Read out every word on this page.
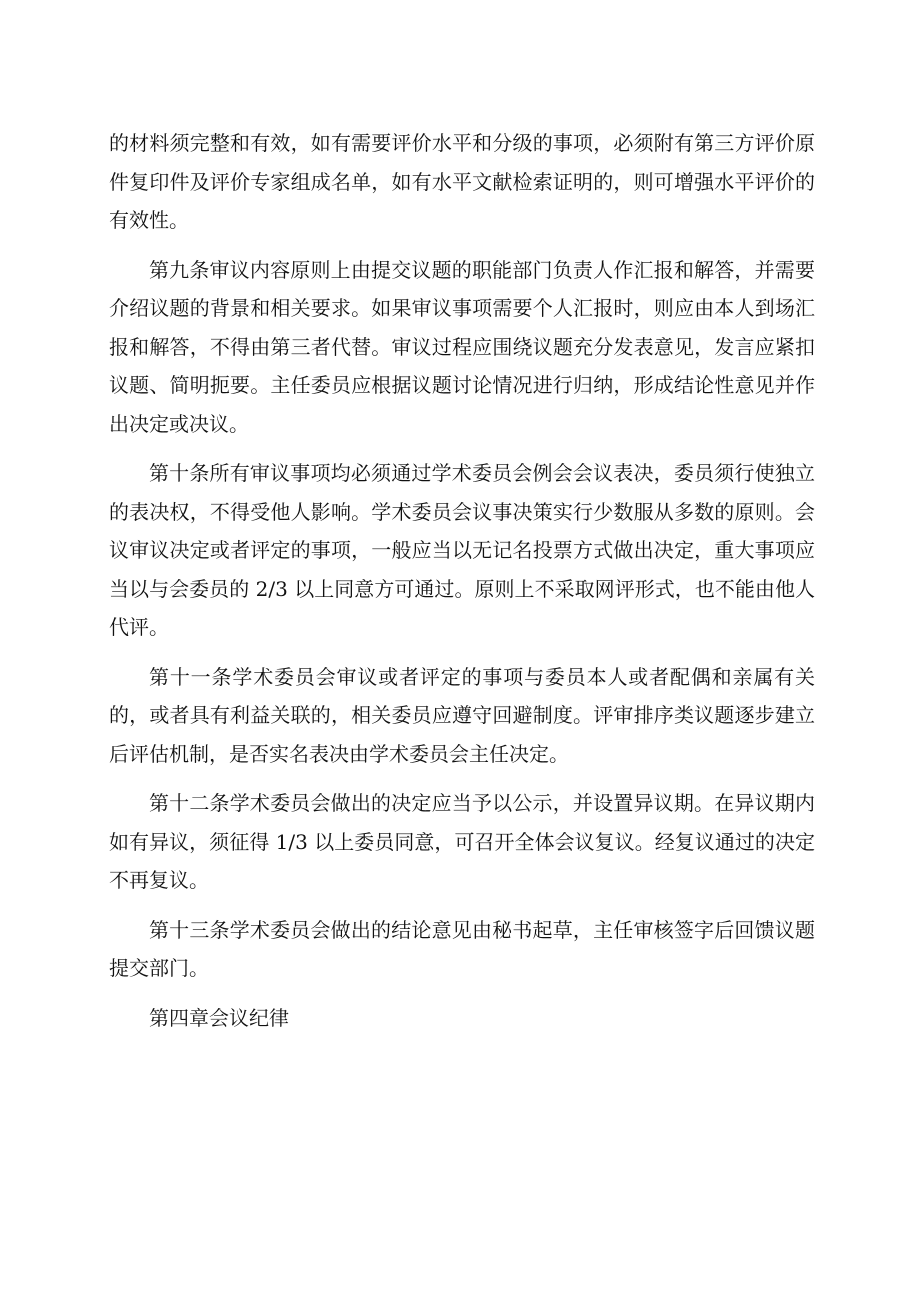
的材料须完整和有效，如有需要评价水平和分级的事项，必须附有第三方评价原件复印件及评价专家组成名单，如有水平文献检索证明的，则可增强水平评价的有效性。

第九条审议内容原则上由提交议题的职能部门负责人作汇报和解答，并需要介绍议题的背景和相关要求。如果审议事项需要个人汇报时，则应由本人到场汇报和解答，不得由第三者代替。审议过程应围绕议题充分发表意见，发言应紧扣议题、简明扼要。主任委员应根据议题讨论情况进行归纳，形成结论性意见并作出决定或决议。

第十条所有审议事项均必须通过学术委员会例会会议表决，委员须行使独立的表决权，不得受他人影响。学术委员会议事决策实行少数服从多数的原则。会议审议决定或者评定的事项，一般应当以无记名投票方式做出决定，重大事项应当以与会委员的 2/3 以上同意方可通过。原则上不采取网评形式，也不能由他人代评。

第十一条学术委员会审议或者评定的事项与委员本人或者配偶和亲属有关的，或者具有利益关联的，相关委员应遵守回避制度。评审排序类议题逐步建立后评估机制，是否实名表决由学术委员会主任决定。

第十二条学术委员会做出的决定应当予以公示，并设置异议期。在异议期内如有异议，须征得 1/3 以上委员同意，可召开全体会议复议。经复议通过的决定不再复议。

第十三条学术委员会做出的结论意见由秘书起草，主任审核签字后回馈议题提交部门。

第四章会议纪律
